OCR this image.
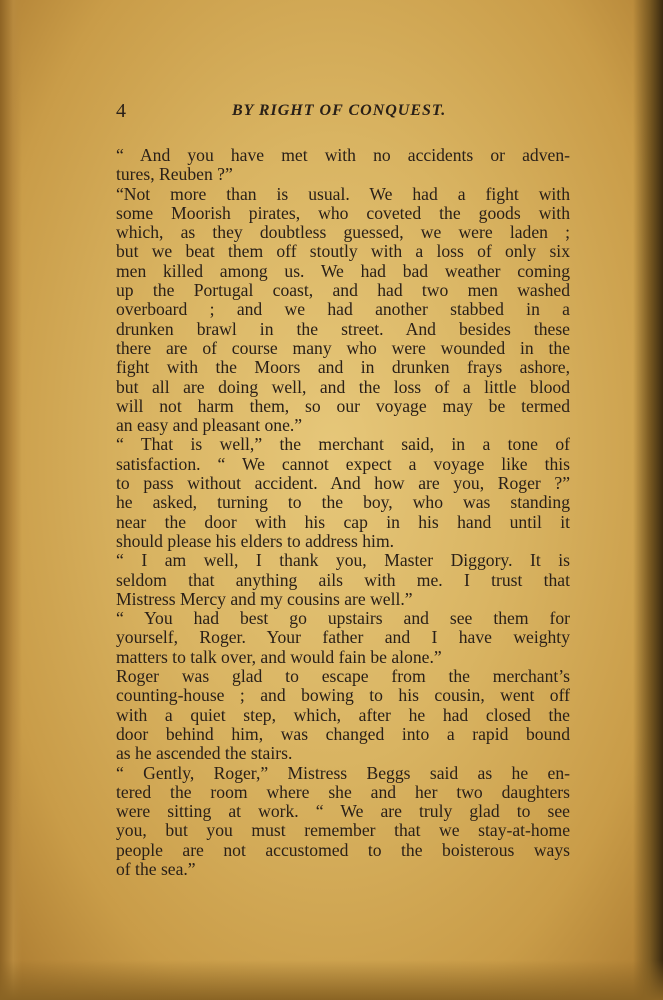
4	BY RIGHT OF CONQUEST.
“ And you have met with no accidents or adven-
tures, Reuben ?”
“Not more than is usual. We had a fight with
some Moorish pirates, who coveted the goods with
which, as they doubtless guessed, we were laden ;
but we beat them off stoutly with a loss of only six
men killed among us. We had bad weather coming
up the Portugal coast, and had two men washed
overboard ; and we had another stabbed in a
drunken brawl in the street. And besides these
there are of course many who were wounded in the
fight with the Moors and in drunken frays ashore,
but all are doing well, and the loss of a little blood
will not harm them, so our voyage may be termed
an easy and pleasant one.”
“ That is well,” the merchant said, in a tone of
satisfaction. “ We cannot expect a voyage like this
to pass without accident. And how are you, Roger ?”
he asked, turning to the boy, who was standing
near the door with his cap in his hand until it
should please his elders to address him.
“ I am well, I thank you, Master Diggory. It is
seldom that anything ails with me. I trust that
Mistress Mercy and my cousins are well.”
“ You had best go upstairs and see them for
yourself, Roger. Your father and I have weighty
matters to talk over, and would fain be alone.”
Roger was glad to escape from the merchant’s
counting-house ; and bowing to his cousin, went off
with a quiet step, which, after he had closed the
door behind him, was changed into a rapid bound
as he ascended the stairs.
“ Gently, Roger,” Mistress Beggs said as he en-
tered the room where she and her two daughters
were sitting at work. “ We are truly glad to see
you, but you must remember that we stay-at-home
people are not accustomed to the boisterous ways
of the sea.”
